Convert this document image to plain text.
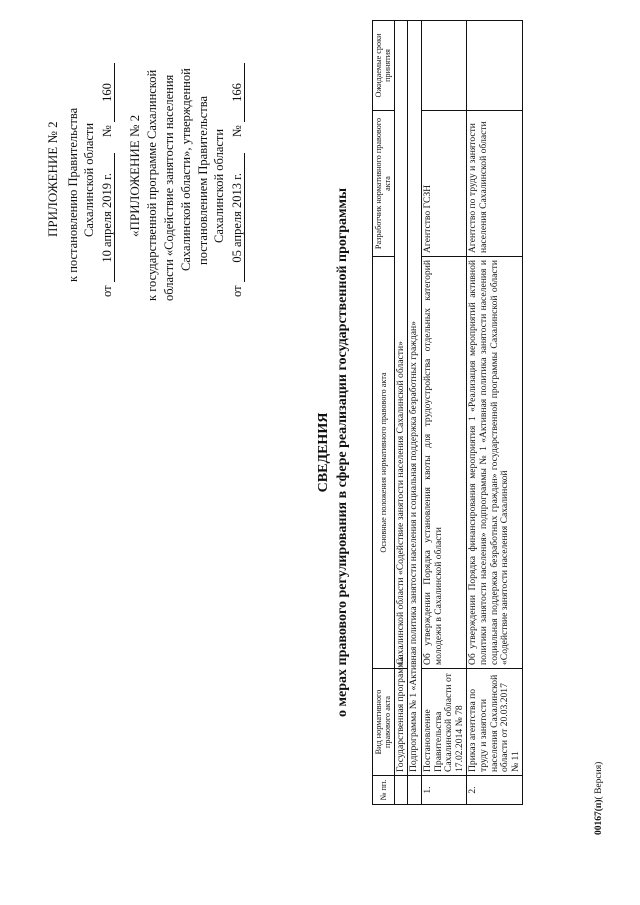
ПРИЛОЖЕНИЕ № 2 к постановлению Правительства Сахалинской области
от 10 апреля 2019 г.  № 160
«ПРИЛОЖЕНИЕ № 2 к государственной программе Сахалинской области «Содействие занятости населения Сахалинской области», утвержденной постановлением Правительства Сахалинской области
от 05 апреля 2013 г.  № 166
СВЕДЕНИЯ о мерах правового регулирования в сфере реализации государственной программы
№ пп.	Вид нормативного правового акта	Основные положения нормативного правового акта	Разработчик нормативного правового акта	Ожидаемые сроки принятия
	Государственная программа	Сахалинской области «Содействие занятости населения Сахалинской области»		
	Подпрограмма № 1 «Активная политика занятости населения и социальная поддержка безработных граждан»			
1.	Постановление Правительства Сахалинской области от 17.02.2014 № 78	Об утверждении Порядка установления квоты для трудоустройства отдельных категорий молодежи в Сахалинской области	Агентство ГСЗН	
2.	Приказ агентства по труду и занятости населения Сахалинской области от 20.03.2017 № 11	Об утверждении Порядка финансирования мероприятия 1 «Реализация мероприятий активной политики занятости населения» подпрограммы № 1 «Активная политика занятости населения и социальная поддержка безработных граждан» государственной программы Сахалинской области «Содействие занятости населения Сахалинской	Агентство по труду и занятости населения Сахалинской области	
00167(п)( Версия)
